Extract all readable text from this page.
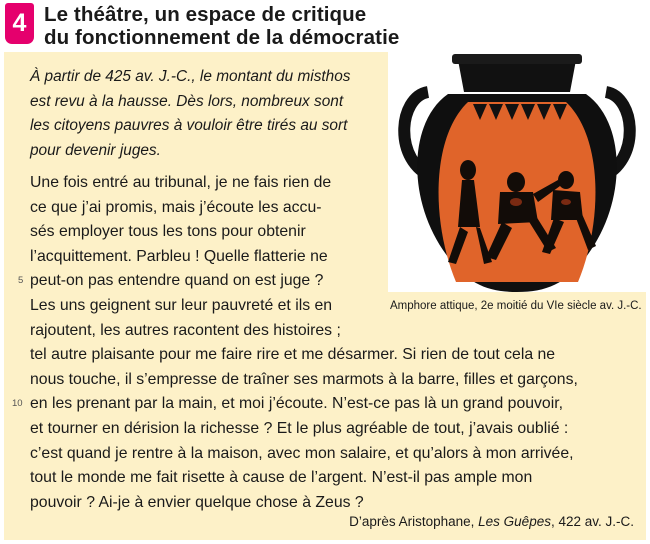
4 Le théâtre, un espace de critique
du fonctionnement de la démocratie
À partir de 425 av. J.-C., le montant du misthos
est revu à la hausse. Dès lors, nombreux sont
les citoyens pauvres à vouloir être tirés au sort
pour devenir juges.
Une fois entré au tribunal, je ne fais rien de
ce que j’ai promis, mais j’écoute les accu-
sés employer tous les tons pour obtenir
l’acquittement. Parbleu ! Quelle flatterie ne
peut-on pas entendre quand on est juge ?
Les uns geignent sur leur pauvreté et ils en
rajoutent, les autres racontent des histoires ;
tel autre plaisante pour me faire rire et me désarmer. Si rien de tout cela ne
nous touche, il s’empresse de traîner ses marmots à la barre, filles et garçons,
en les prenant par la main, et moi j’écoute. N’est-ce pas là un grand pouvoir,
et tourner en dérision la richesse ? Et le plus agréable de tout, j’avais oublié :
c’est quand je rentre à la maison, avec mon salaire, et qu’alors à mon arrivée,
tout le monde me fait risette à cause de l’argent. N’est-il pas ample mon
pouvoir ? Ai-je à envier quelque chose à Zeus ?
5
10
Amphore attique, 2e moitié du VIe siècle av. J.-C.
D’après Aristophane, Les Guêpes, 422 av. J.-C.
